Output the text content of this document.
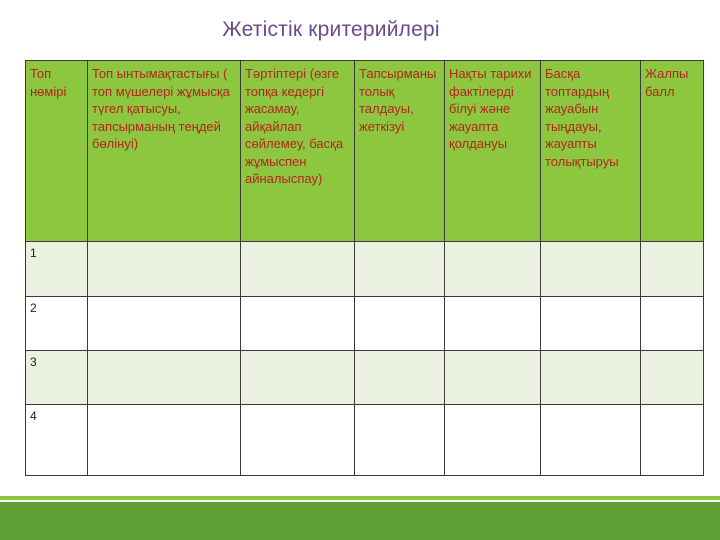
Жетістік критерийлері
Топ нөмірі	Топ ынтымақтастығы ( топ мүшелері жұмысқа түгел қатысуы, тапсырманың теңдей бөлінуі)	Тәртіптері (өзге топқа кедергі жасамау, айқайлап сөйлемеу, басқа жұмыспен айналыспау)	Тапсырманы толық талдауы, жеткізуі	Нақты тарихи фактілерді білуі және жауапта қолдануы	Басқа топтардың жауабын тыңдауы, жауапты толықтыруы	Жалпы балл
1						
2						
3						
4						
